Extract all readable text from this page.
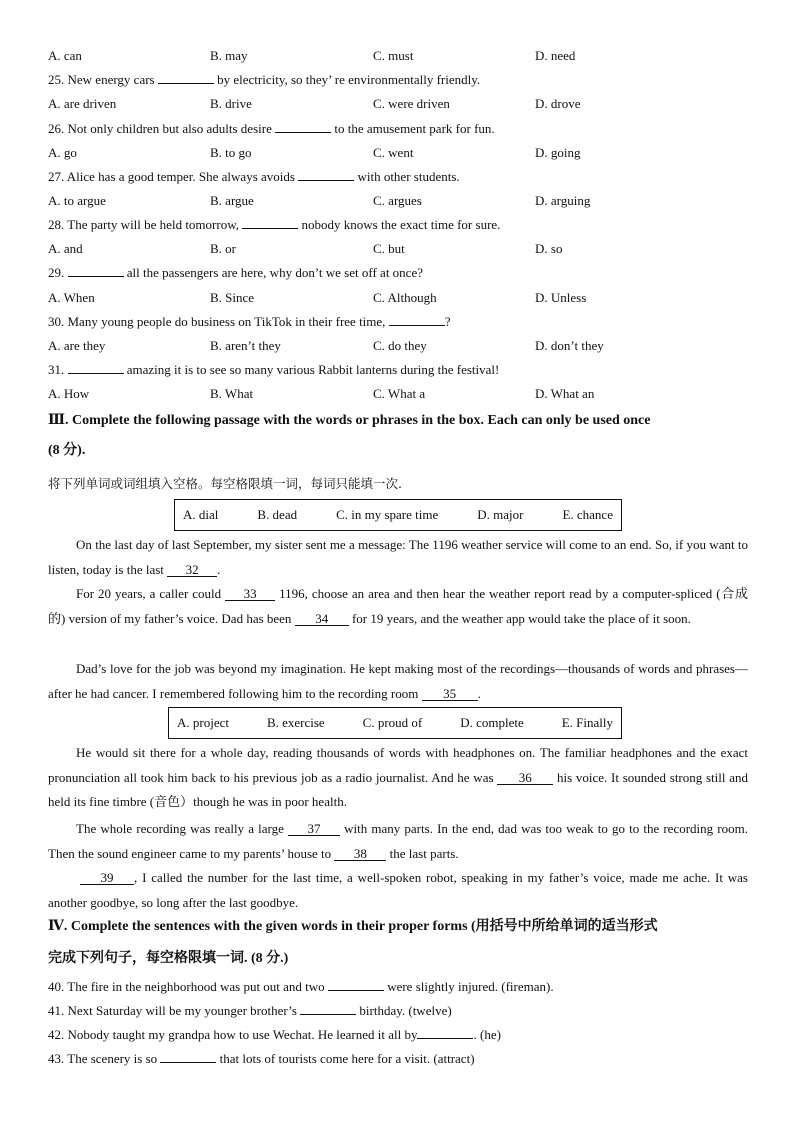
A. can	B. may	C. must	D. need
25. New energy cars	by electricity, so they’ re environmentally friendly.
A. are driven	B. drive	C. were driven	D. drove
26. Not only children but also adults desire	to the amusement park for fun.
A. go	B. to go	C. went	D. going
27. Alice has a good temper. She always avoids	with other students.
A. to argue	B. argue	C. argues	D. arguing
28. The party will be held tomorrow,	nobody knows the exact time for sure.
A. and	B. or	C. but	D. so
29.	all the passengers are here, why don’t we set off at once?
A. When	B. Since	C. Although	D. Unless
30. Many young people do business on TikTok in their free time,	?
A. are they	B. aren’t they	C. do they	D. don’t they
31.	amazing it is to see so many various Rabbit lanterns during the festival!
A. How	B. What	C. What a	D. What an
Ⅲ. Complete the following passage with the words or phrases in the box. Each can only be used once
(8 分).
将下列单词或词组填入空格。每空格限填一词，每词只能填一次.
A. dial	B. dead	C. in my spare time	D. major	E. chance
On the last day of last September, my sister sent me a message: The 1196 weather service will come to an end. So, if you want to listen, today is the last 32 .
For 20 years, a caller could 33 1196, choose an area and then hear the weather report read by a computer-spliced (合成的) version of my father’s voice. Dad has been 34 for 19 years, and the weather app would take the place of it soon.
Dad’s love for the job was beyond my imagination. He kept making most of the recordings—thousands of words and phrases—after he had cancer. I remembered following him to the recording room 35 .
A. project	B. exercise	C. proud of	D. complete	E. Finally
He would sit there for a whole day, reading thousands of words with headphones on. The familiar headphones and the exact pronunciation all took him back to his previous job as a radio journalist. And he was 36 his voice. It sounded strong still and held its fine timbre (音色）though he was in poor health.
The whole recording was really a large 37 with many parts. In the end, dad was too weak to go to the recording room. Then the sound engineer came to my parents’ house to 38 the last parts.
39 , I called the number for the last time, a well-spoken robot, speaking in my father’s voice, made me ache. It was another goodbye, so long after the last goodbye.
Ⅳ. Complete the sentences with the given words in their proper forms (用括号中所给单词的适当形式
完成下列句子，每空格限填一词. (8 分.)
40. The fire in the neighborhood was put out and two	were slightly injured. (fireman).
41. Next Saturday will be my younger brother’s	birthday. (twelve)
42. Nobody taught my grandpa how to use Wechat. He learned it all by	. (he)
43. The scenery is so	that lots of tourists come here for a visit. (attract)
